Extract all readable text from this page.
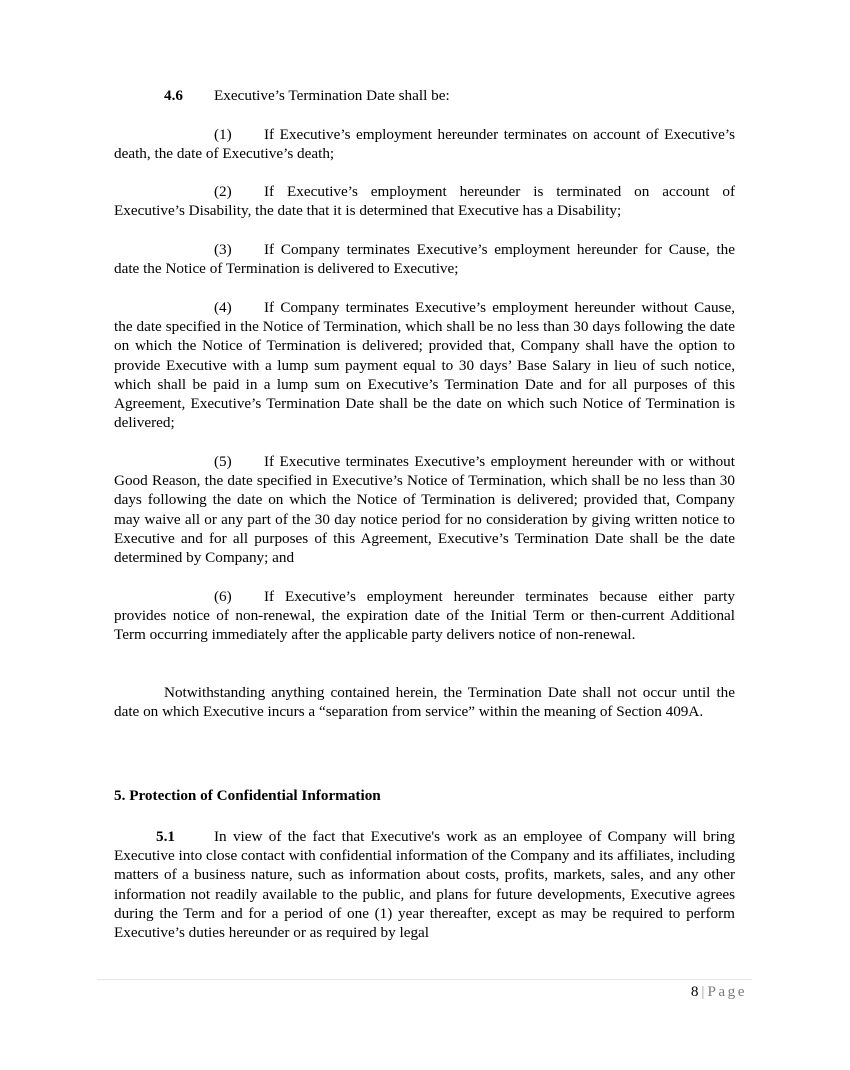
4.6 Executive’s Termination Date shall be:

(1) If Executive’s employment hereunder terminates on account of Executive’s death, the date of Executive’s death;

(2) If Executive’s employment hereunder is terminated on account of Executive’s Disability, the date that it is determined that Executive has a Disability;

(3) If Company terminates Executive’s employment hereunder for Cause, the date the Notice of Termination is delivered to Executive;

(4) If Company terminates Executive’s employment hereunder without Cause, the date specified in the Notice of Termination, which shall be no less than 30 days following the date on which the Notice of Termination is delivered; provided that, Company shall have the option to provide Executive with a lump sum payment equal to 30 days’ Base Salary in lieu of such notice, which shall be paid in a lump sum on Executive’s Termination Date and for all purposes of this Agreement, Executive’s Termination Date shall be the date on which such Notice of Termination is delivered;

(5) If Executive terminates Executive’s employment hereunder with or without Good Reason, the date specified in Executive’s Notice of Termination, which shall be no less than 30 days following the date on which the Notice of Termination is delivered; provided that, Company may waive all or any part of the 30 day notice period for no consideration by giving written notice to Executive and for all purposes of this Agreement, Executive’s Termination Date shall be the date determined by Company; and

(6) If Executive’s employment hereunder terminates because either party provides notice of non-renewal, the expiration date of the Initial Term or then-current Additional Term occurring immediately after the applicable party delivers notice of non-renewal.

Notwithstanding anything contained herein, the Termination Date shall not occur until the date on which Executive incurs a “separation from service” within the meaning of Section 409A.

5. Protection of Confidential Information

5.1	In view of the fact that Executive's work as an employee of Company will bring Executive into close contact with confidential information of the Company and its affiliates, including matters of a business nature, such as information about costs, profits, markets, sales, and any other information not readily available to the public, and plans for future developments, Executive agrees during the Term and for a period of one (1) year thereafter, except as may be required to perform Executive’s duties hereunder or as required by legal

8 | Page
